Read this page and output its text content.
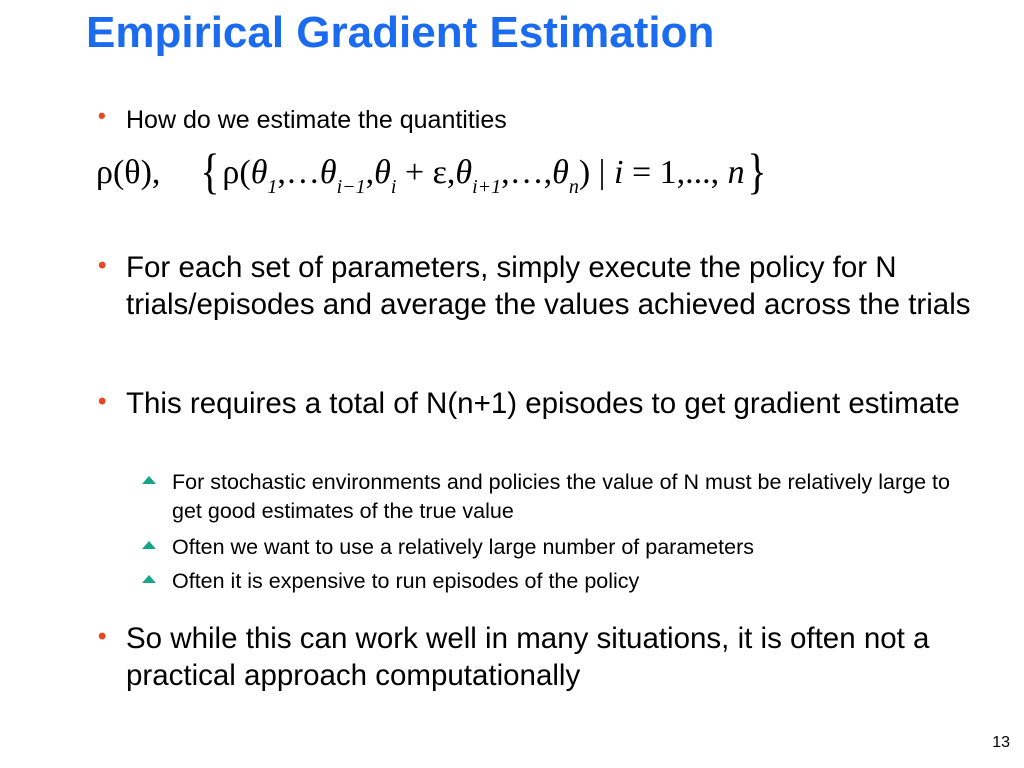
Empirical Gradient Estimation
• How do we estimate the quantities
ρ(θ), {$\rho(\theta_1,\dots\theta_{i-1},\theta_i$ + $\varepsilon,\theta_{i+1},\dots,\theta_n$) | i = 1,..., n}
• For each set of parameters, simply execute the policy for N trials/episodes and average the values achieved across the trials
• This requires a total of N(n+1) episodes to get gradient estimate
For stochastic environments and policies the value of N must be relatively large to get good estimates of the true value
Often we want to use a relatively large number of parameters
Often it is expensive to run episodes of the policy
• So while this can work well in many situations, it is often not a practical approach computationally
13
